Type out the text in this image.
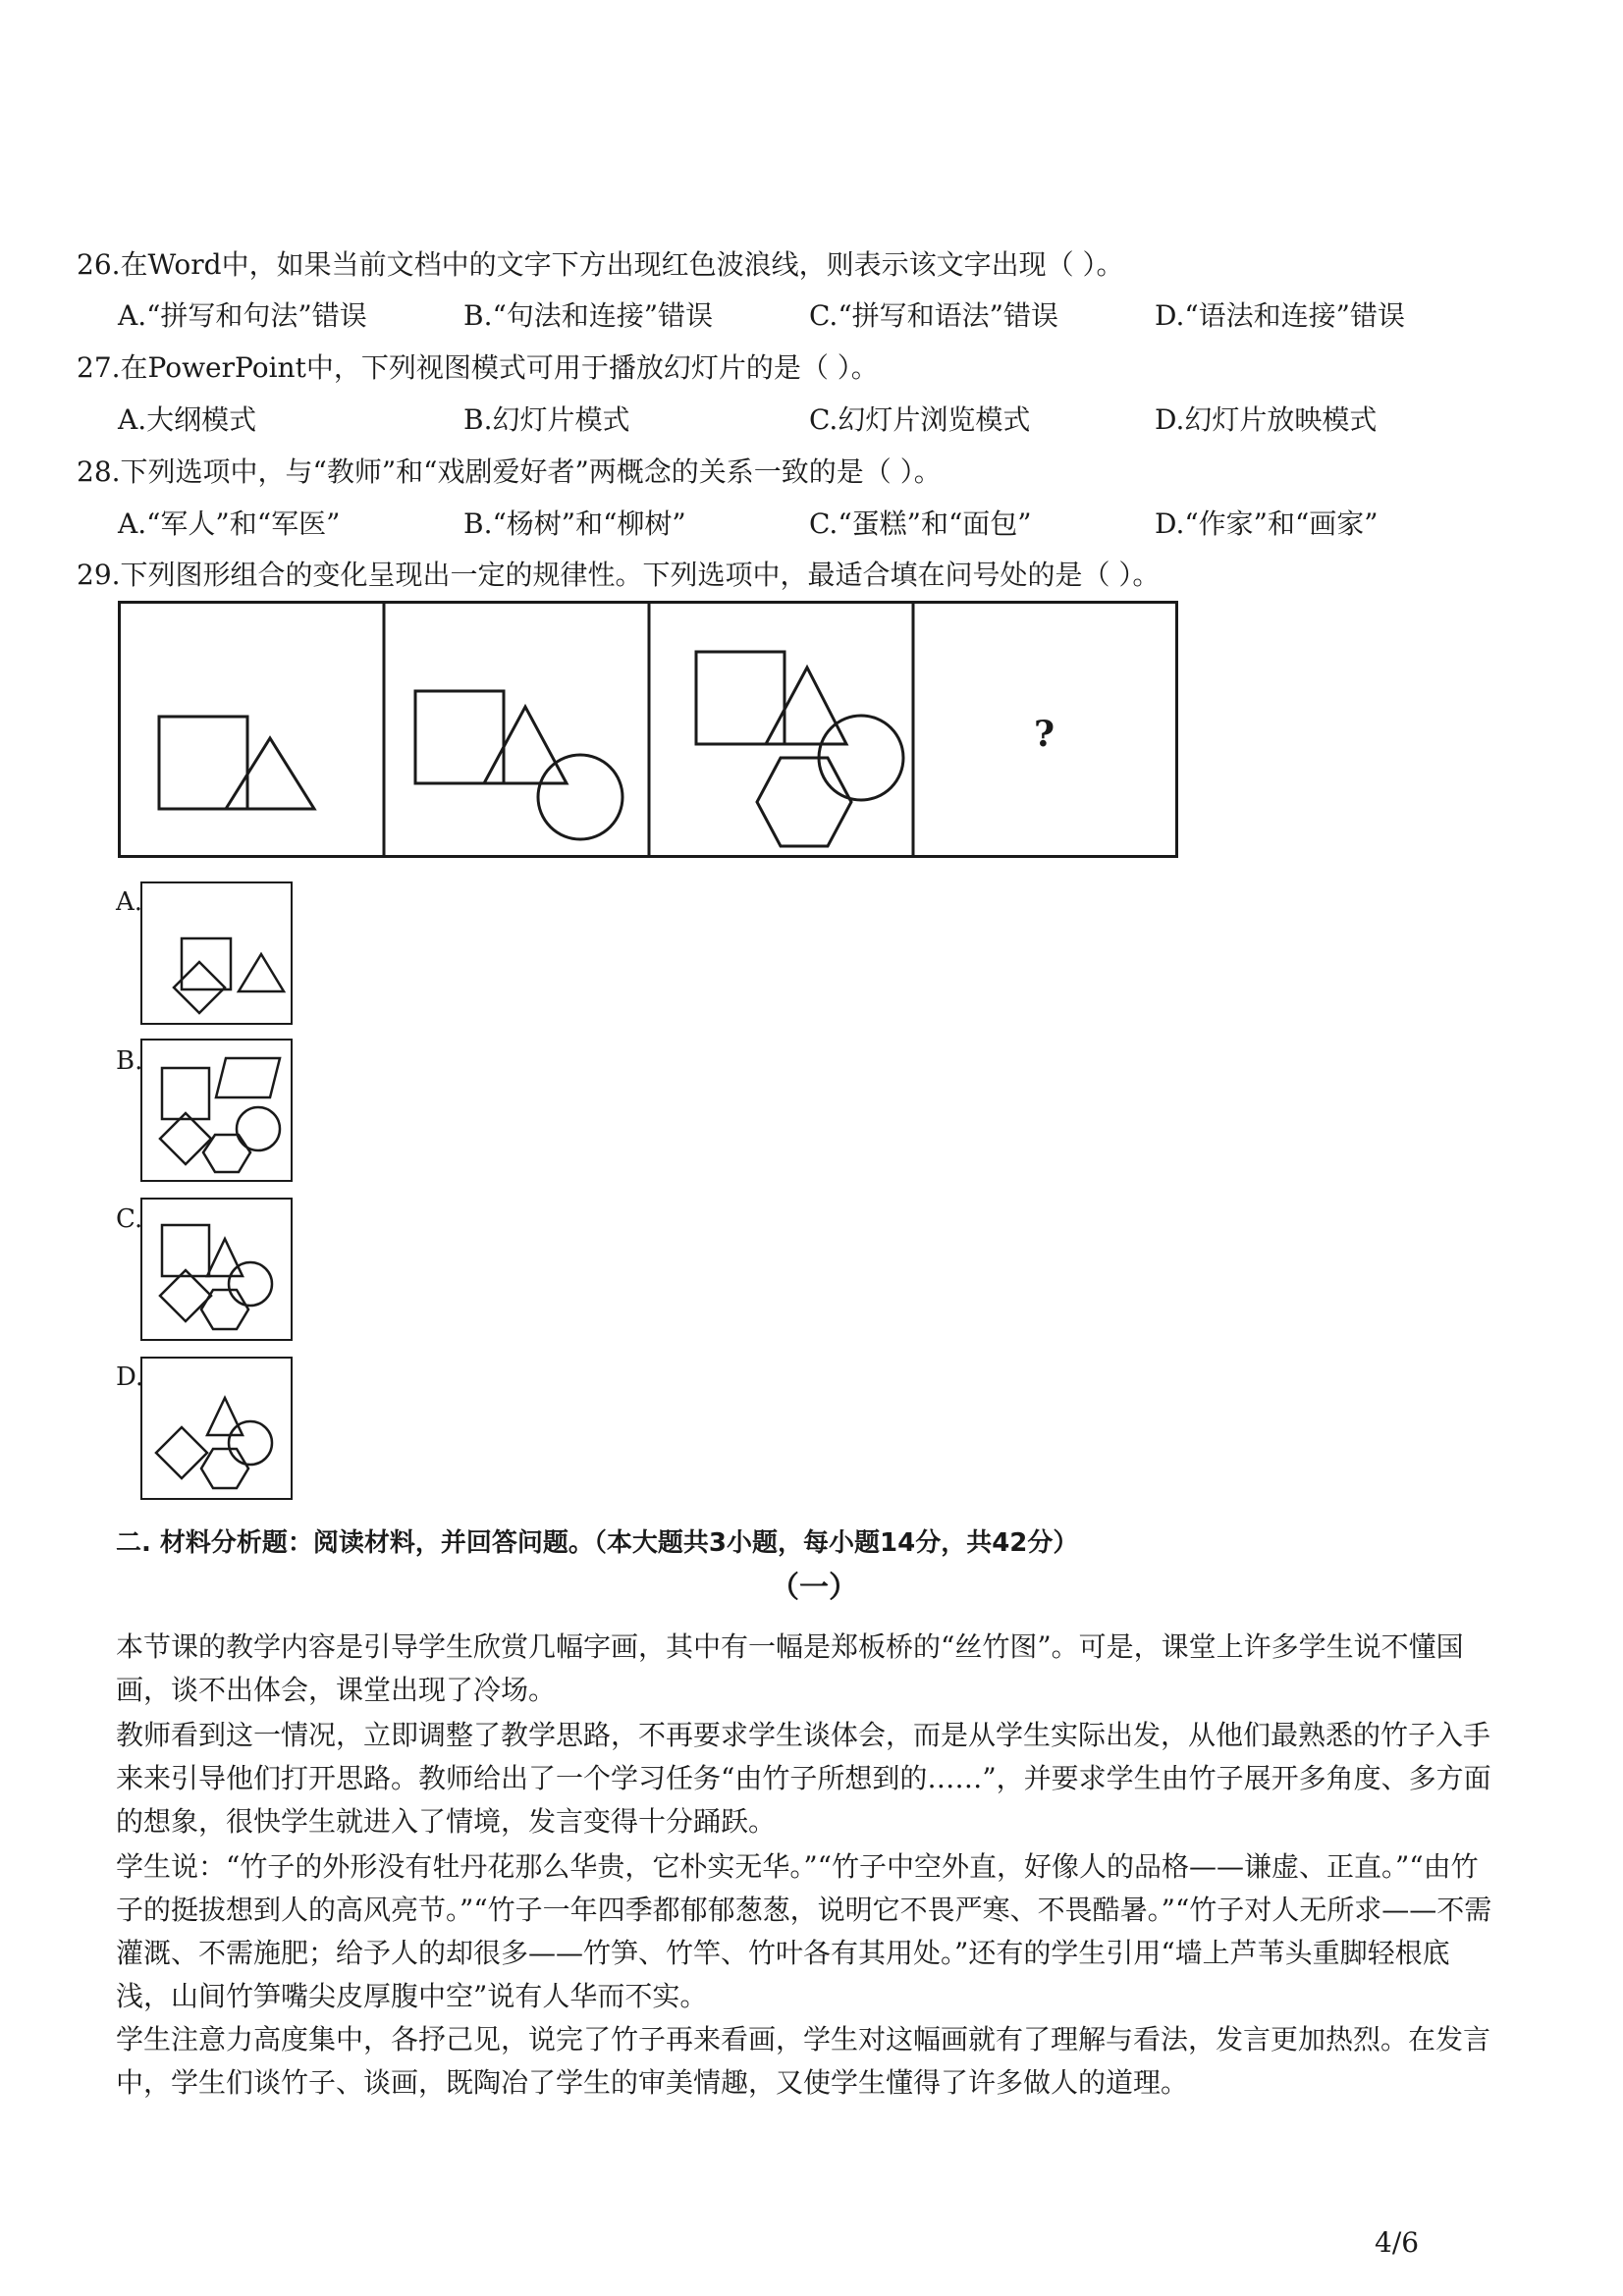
26.在Word中，如果当前文档中的文字下方出现红色波浪线，则表示该文字出现（ ）。
A.“拼写和句法”错误	B.“句法和连接”错误	C.“拼写和语法”错误	D.“语法和连接”错误
27.在PowerPoint中，下列视图模式可用于播放幻灯片的是（ ）。
A.大纲模式	B.幻灯片模式	C.幻灯片浏览模式	D.幻灯片放映模式
28.下列选项中，与“教师”和“戏剧爱好者”两概念的关系一致的是（ ）。
A.“军人”和“军医”	B.“杨树”和“柳树”	C.“蛋糕”和“面包”	D.“作家”和“画家”
29.下列图形组合的变化呈现出一定的规律性。下列选项中，最适合填在问号处的是（ ）。
?
A.
B.
C.
D.
二. 材料分析题：阅读材料，并回答问题。（本大题共3小题，每小题14分，共42分）
（一）
本节课的教学内容是引导学生欣赏几幅字画，其中有一幅是郑板桥的“丝竹图”。可是，课堂上许多学生说不懂国画，谈不出体会，课堂出现了冷场。
教师看到这一情况，立即调整了教学思路，不再要求学生谈体会，而是从学生实际出发，从他们最熟悉的竹子入手来来引导他们打开思路。教师给出了一个学习任务“由竹子所想到的……”，并要求学生由竹子展开多角度、多方面的想象，很快学生就进入了情境，发言变得十分踊跃。
学生说：“竹子的外形没有牡丹花那么华贵，它朴实无华。”“竹子中空外直，好像人的品格——谦虚、正直。”“由竹子的挺拔想到人的高风亮节。”“竹子一年四季都郁郁葱葱，说明它不畏严寒、不畏酷暑。”“竹子对人无所求——不需灌溉、不需施肥；给予人的却很多——竹笋、竹竿、竹叶各有其用处。”还有的学生引用“墙上芦苇头重脚轻根底浅，山间竹笋嘴尖皮厚腹中空”说有人华而不实。
学生注意力高度集中，各抒己见，说完了竹子再来看画，学生对这幅画就有了理解与看法，发言更加热烈。在发言中，学生们谈竹子、谈画，既陶冶了学生的审美情趣，又使学生懂得了许多做人的道理。
4/6
